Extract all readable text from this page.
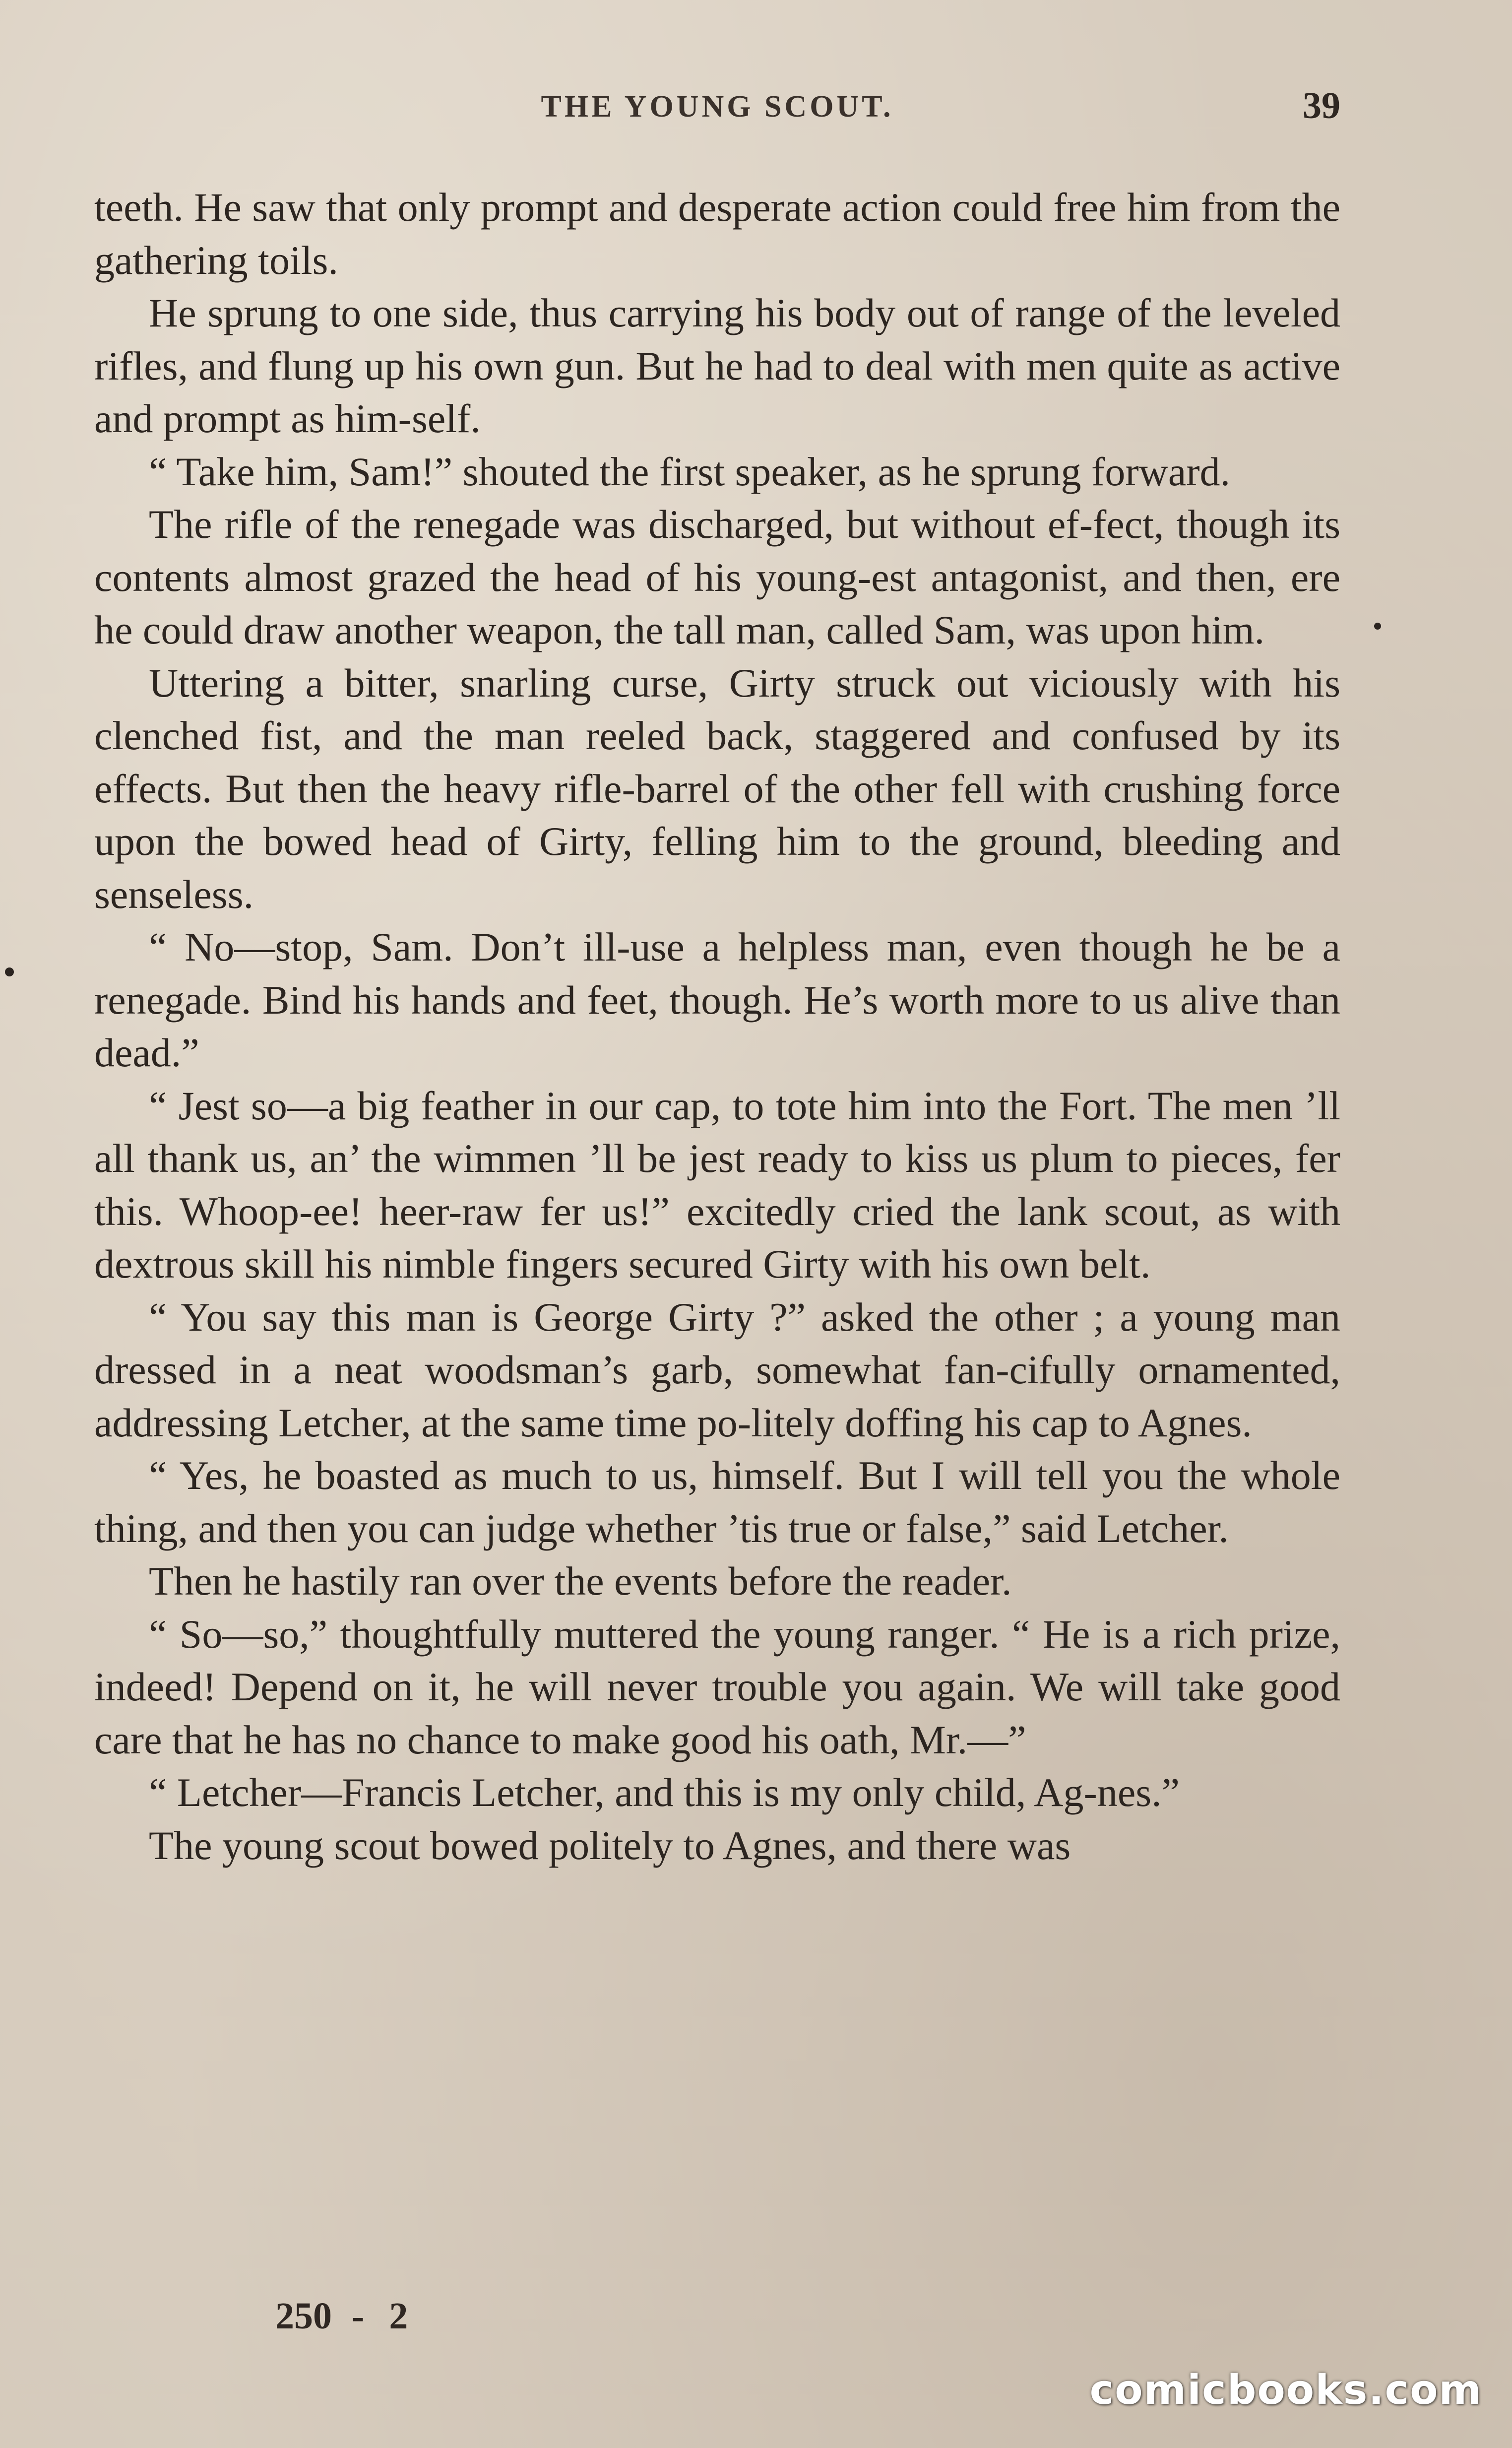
THE YOUNG SCOUT.	39

teeth. He saw that only prompt and desperate action could free him from the gathering toils.

He sprung to one side, thus carrying his body out of range of the leveled rifles, and flung up his own gun. But he had to deal with men quite as active and prompt as him-self.

“ Take him, Sam!” shouted the first speaker, as he sprung forward.

The rifle of the renegade was discharged, but without ef-fect, though its contents almost grazed the head of his young-est antagonist, and then, ere he could draw another weapon, the tall man, called Sam, was upon him.

Uttering a bitter, snarling curse, Girty struck out viciously with his clenched fist, and the man reeled back, staggered and confused by its effects. But then the heavy rifle-barrel of the other fell with crushing force upon the bowed head of Girty, felling him to the ground, bleeding and senseless.

“ No—stop, Sam. Don’t ill-use a helpless man, even though he be a renegade. Bind his hands and feet, though. He’s worth more to us alive than dead.”

“ Jest so—a big feather in our cap, to tote him into the Fort. The men ’ll all thank us, an’ the wimmen ’ll be jest ready to kiss us plum to pieces, fer this. Whoop-ee! heer-raw fer us!” excitedly cried the lank scout, as with dextrous skill his nimble fingers secured Girty with his own belt.

“ You say this man is George Girty ?” asked the other ; a young man dressed in a neat woodsman’s garb, somewhat fan-cifully ornamented, addressing Letcher, at the same time po-litely doffing his cap to Agnes.

“ Yes, he boasted as much to us, himself. But I will tell you the whole thing, and then you can judge whether ’tis true or false,” said Letcher.

Then he hastily ran over the events before the reader.

“ So—so,” thoughtfully muttered the young ranger. “ He is a rich prize, indeed! Depend on it, he will never trouble you again. We will take good care that he has no chance to make good his oath, Mr.—”

“ Letcher—Francis Letcher, and this is my only child, Ag-nes.”

The young scout bowed politely to Agnes, and there was

250 - 2
comicbooks.com
